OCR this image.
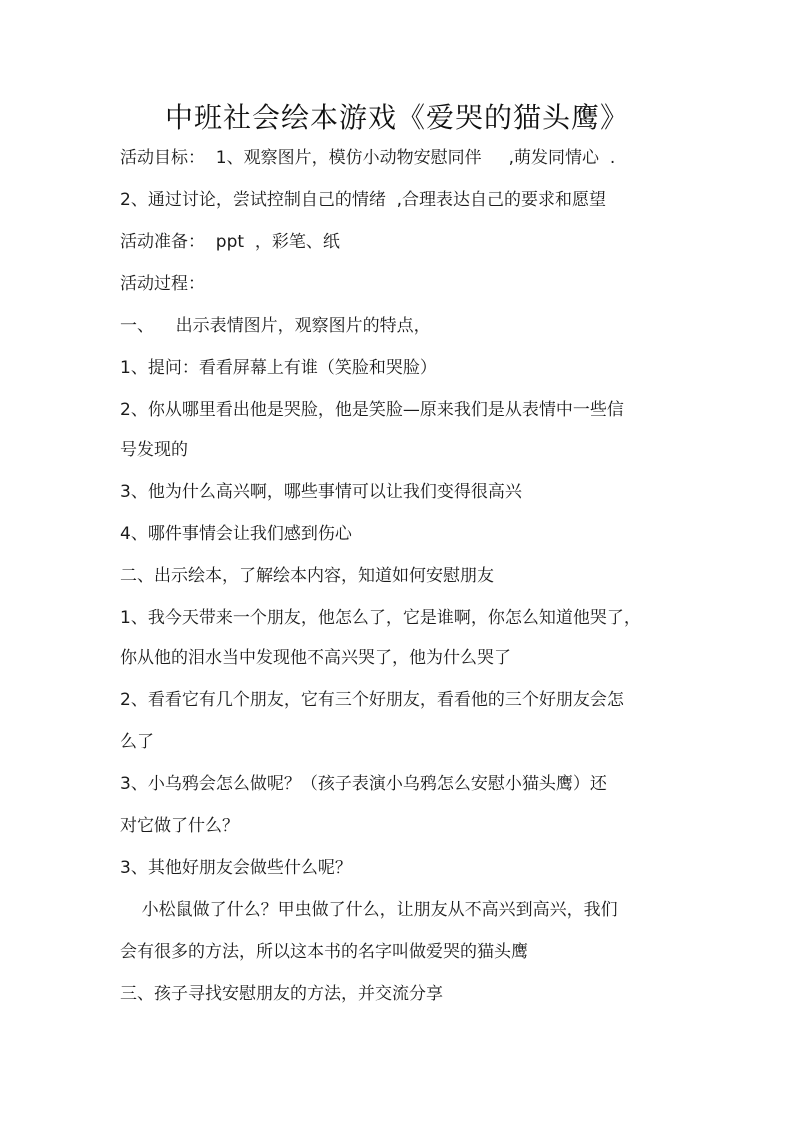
中班社会绘本游戏《爱哭的猫头鹰》
活动目标：  1、观察图片，模仿小动物安慰同伴     ,萌发同情心  .
2、通过讨论，尝试控制自己的情绪  ,合理表达自己的要求和愿望
活动准备：  ppt  ，彩笔、纸
活动过程：
一、    出示表情图片，观察图片的特点，
1、提问：看看屏幕上有谁（笑脸和哭脸）
2、你从哪里看出他是哭脸，他是笑脸—原来我们是从表情中一些信
号发现的
3、他为什么高兴啊，哪些事情可以让我们变得很高兴
4、哪件事情会让我们感到伤心
二、出示绘本，了解绘本内容，知道如何安慰朋友
1、我今天带来一个朋友，他怎么了，它是谁啊，你怎么知道他哭了，
你从他的泪水当中发现他不高兴哭了，他为什么哭了
2、看看它有几个朋友，它有三个好朋友，看看他的三个好朋友会怎
么了
3、小乌鸦会怎么做呢？（孩子表演小乌鸦怎么安慰小猫头鹰）还
对它做了什么？
3、其他好朋友会做些什么呢？
小松鼠做了什么？甲虫做了什么，让朋友从不高兴到高兴，我们
会有很多的方法，所以这本书的名字叫做爱哭的猫头鹰
三、孩子寻找安慰朋友的方法，并交流分享
